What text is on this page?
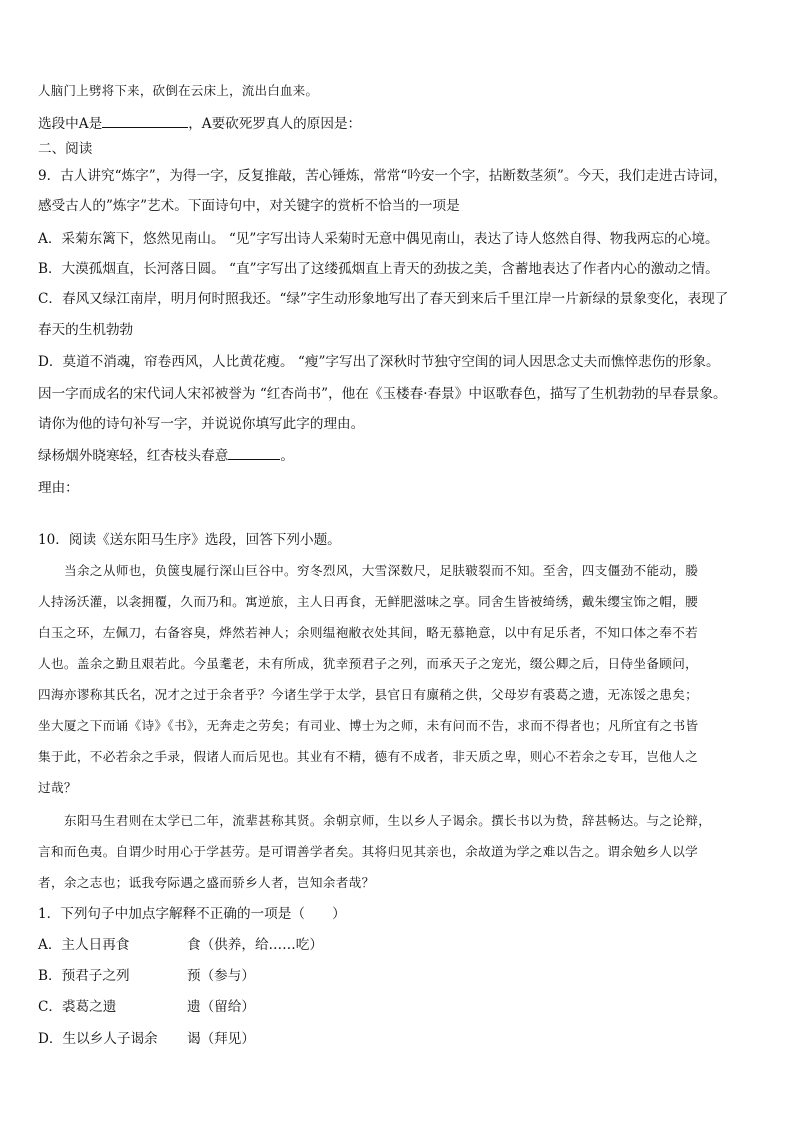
人脑门上劈将下来，砍倒在云床上，流出白血来。
选段中A是	，A要砍死罗真人的原因是：
二、阅读
9．古人讲究“炼字”，为得一字，反复推敲，苦心锤炼，常常“吟安一个字，拈断数茎须”。今天，我们走进古诗词，
感受古人的”炼字”艺术。下面诗句中，对关键字的赏析不恰当的一项是
A．采菊东篱下，悠然见南山。 “见”字写出诗人采菊时无意中偶见南山，表达了诗人悠然自得、物我两忘的心境。
B．大漠孤烟直，长河落日圆。 “直”字写出了这缕孤烟直上青天的劲拔之美，含蓄地表达了作者内心的激动之情。
C．春风又绿江南岸，明月何时照我还。“绿”字生动形象地写出了春天到来后千里江岸一片新绿的景象变化，表现了
春天的生机勃勃
D．莫道不消魂，帘卷西风，人比黄花瘦。 “瘦”字写出了深秋时节独守空闺的词人因思念丈夫而憔悴悲伤的形象。
因一字而成名的宋代词人宋祁被誉为 “红杏尚书”，他在《玉楼春·春景》中讴歌春色，描写了生机勃勃的早春景象。
请你为他的诗句补写一字，并说说你填写此字的理由。
绿杨烟外晓寒轻，红杏枝头春意	。
理由：
10．阅读《送东阳马生序》选段，回答下列小题。
当余之从师也，负箧曳屣行深山巨谷中。穷冬烈风，大雪深数尺，足肤皲裂而不知。至舍，四支僵劲不能动，媵
人持汤沃灌，以衾拥覆，久而乃和。寓逆旅，主人日再食，无鲜肥滋味之享。同舍生皆被绮绣，戴朱缨宝饰之帽，腰
白玉之环，左佩刀，右备容臭，烨然若神人；余则缊袍敝衣处其间，略无慕艳意，以中有足乐者，不知口体之奉不若
人也。盖余之勤且艰若此。今虽耄老，未有所成，犹幸预君子之列，而承天子之宠光，缀公卿之后，日侍坐备顾问，
四海亦谬称其氏名，况才之过于余者乎？今诸生学于太学，县官日有廪稍之供，父母岁有裘葛之遗，无冻馁之患矣；
坐大厦之下而诵《诗》《书》，无奔走之劳矣；有司业、博士为之师，未有问而不告，求而不得者也；凡所宜有之书皆
集于此，不必若余之手录，假诸人而后见也。其业有不精，德有不成者，非天质之卑，则心不若余之专耳，岂他人之
过哉？
东阳马生君则在太学已二年，流辈甚称其贤。余朝京师，生以乡人子谒余。撰长书以为贽，辞甚畅达。与之论辩，
言和而色夷。自谓少时用心于学甚劳。是可谓善学者矣。其将归见其亲也，余故道为学之难以告之。谓余勉乡人以学
者，余之志也；诋我夸际遇之盛而骄乡人者，岂知余者哉？
1．下列句子中加点字解释不正确的一项是（　　）
A．主人日再食	食（供养，给……吃）
B．预君子之列	预（参与）
C．裘葛之遗	遗（留给）
D．生以乡人子谒余 谒（拜见）
